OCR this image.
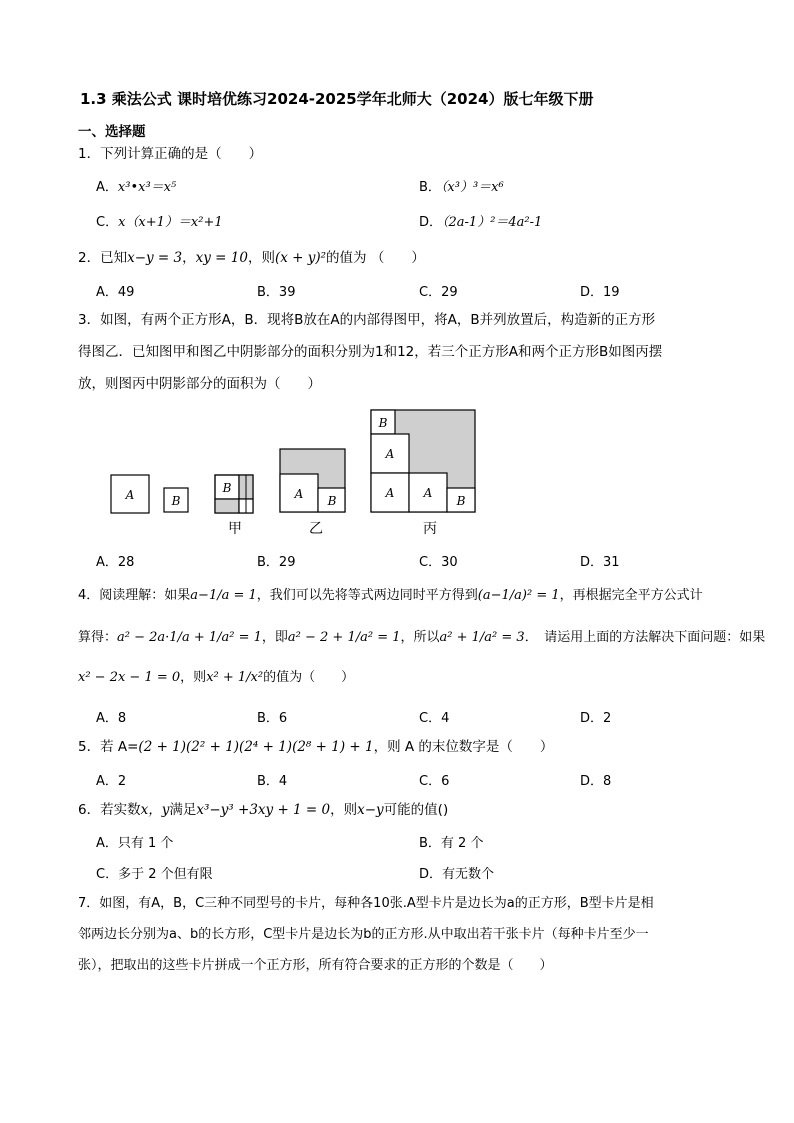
1.3 乘法公式 课时培优练习2024-2025学年北师大（2024）版七年级下册
一、选择题
1．下列计算正确的是（　　）
A．x³•x³＝x⁵	B．（x³）³＝x⁶
C．x（x+1）＝x²+1	D．（2a-1）²＝4a²-1
2．已知x−y = 3，xy = 10，则(x + y)²的值为 （　　）
A．49	B．39	C．29	D．19
3．如图，有两个正方形A，B．现将B放在A的内部得图甲，将A，B并列放置后，构造新的正方形
得图乙．已知图甲和图乙中阴影部分的面积分别为1和12，若三个正方形A和两个正方形B如图丙摆
放，则图丙中阴影部分的面积为（　　）
A	B
B
甲
A B
乙
B
A
A A
B
丙
A．28	B．29	C．30	D．31
4．阅读理解：如果a−1/a = 1，我们可以先将等式两边同时平方得到(a−1/a)² = 1，再根据完全平方公式计
算得：a² − 2a·1/a + 1/a² = 1，即a² − 2 + 1/a² = 1，所以a² + 1/a² = 3．　请运用上面的方法解决下面问题：如果
x² − 2x − 1 = 0，则x² + 1/x²的值为（　　）
A．8	B．6	C．4	D．2
5．若 A=(2 + 1)(2² + 1)(2⁴ + 1)(2⁸ + 1) + 1，则 A 的末位数字是（　　）
A．2	B．4	C．6	D．8
6．若实数x，y满足x³−y³ +3xy + 1 = 0，则x−y可能的值()
A．只有 1 个	B．有 2 个
C．多于 2 个但有限	D．有无数个
7．如图，有A，B，C三种不同型号的卡片，每种各10张.A型卡片是边长为a的正方形，B型卡片是相
邻两边长分别为a、b的长方形，C型卡片是边长为b的正方形.从中取出若干张卡片（每种卡片至少一
张），把取出的这些卡片拼成一个正方形，所有符合要求的正方形的个数是（　　）
